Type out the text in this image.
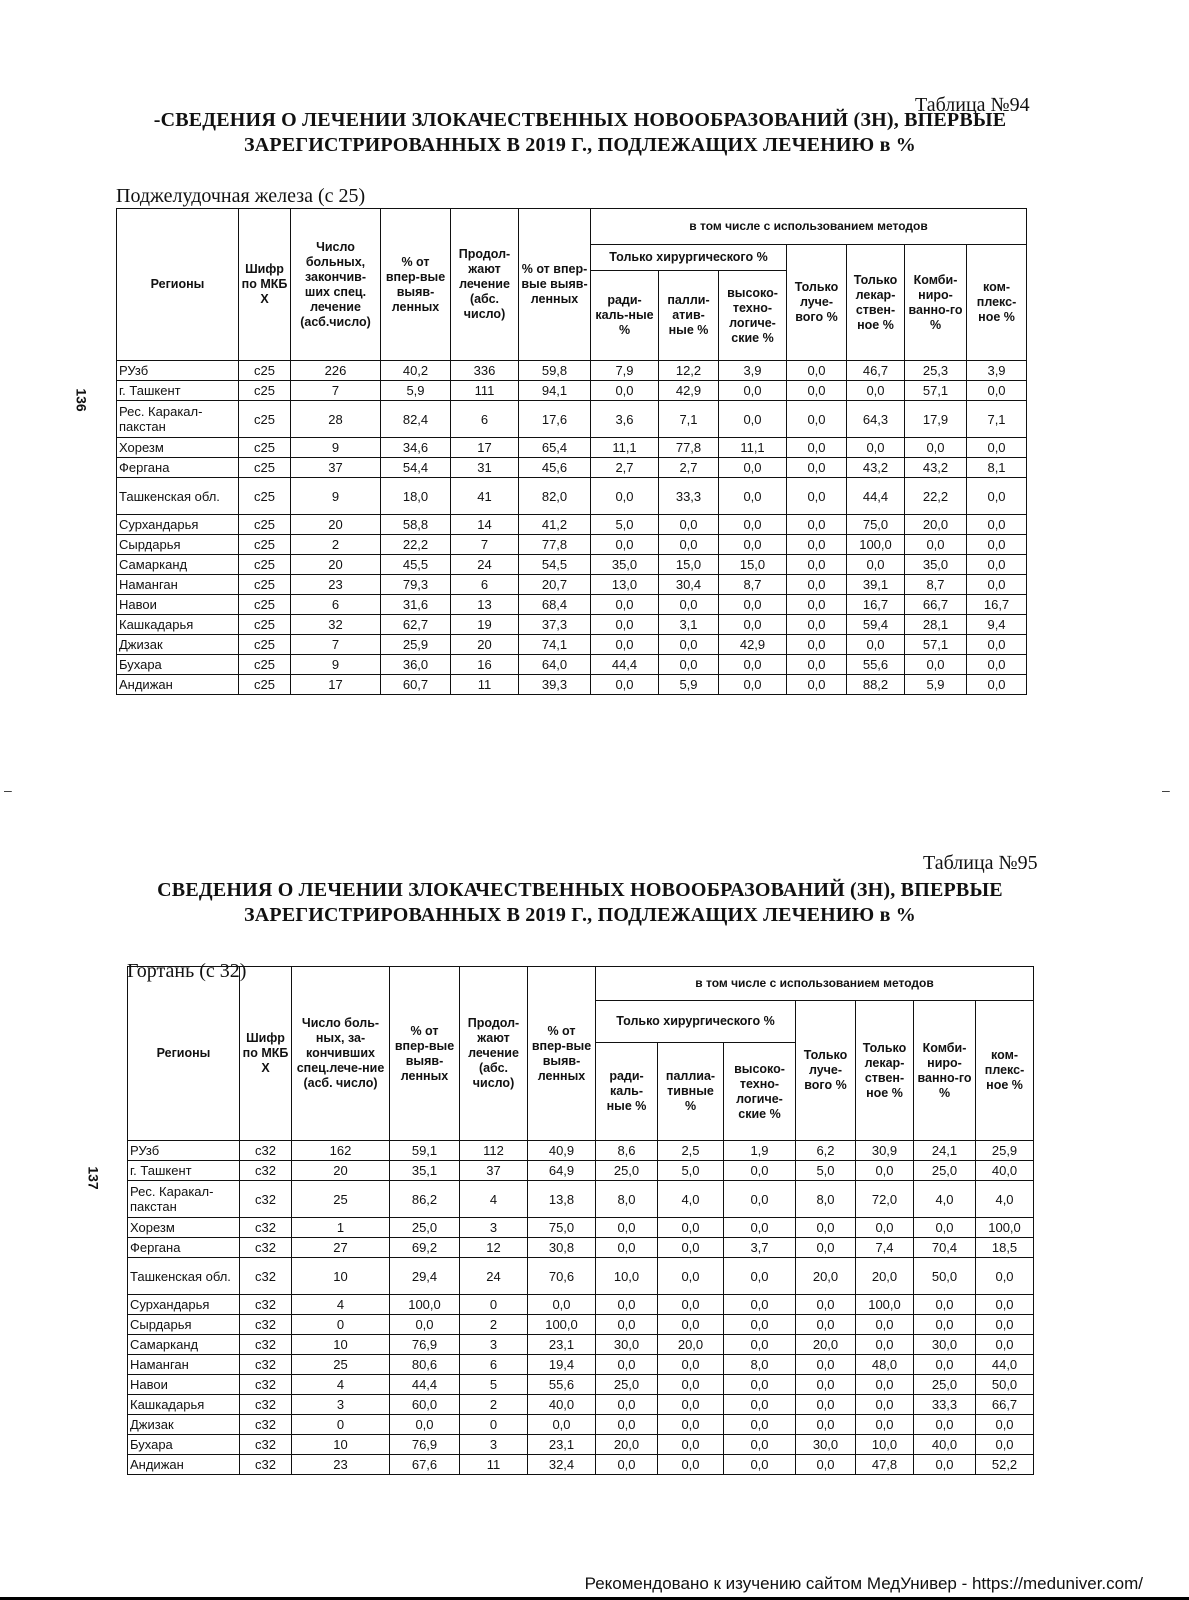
Таблица №94
-СВЕДЕНИЯ О ЛЕЧЕНИИ ЗЛОКАЧЕСТВЕННЫХ НОВООБРАЗОВАНИЙ (ЗН), ВПЕРВЫЕ
ЗАРЕГИСТРИРОВАННЫХ В 2019 Г., ПОДЛЕЖАЩИХ ЛЕЧЕНИЮ в %
Поджелудочная железа (с 25)
136
Регионы	Шифр по МКБ Х	Число больных, закончив-ших спец. лечение (асб.число)	% от впер-вые выяв-ленных	Продол-жают лечение (абс. число)	% от впер-вые выяв-ленных	в том числе с использованием методов						
						Только хирургического %			Только луче-вого %	Только лекар-ствен-ное %	Комби-ниро-ванно-го %	ком-плекс-ное %
						ради-каль-ные %	палли-атив-ные %	высоко-техно-логиче-ские %				
РУзб	с25	226	40,2	336	59,8	7,9	12,2	3,9	0,0	46,7	25,3	3,9
г. Ташкент	с25	7	5,9	111	94,1	0,0	42,9	0,0	0,0	0,0	57,1	0,0
Рес. Каракал-пакстан	с25	28	82,4	6	17,6	3,6	7,1	0,0	0,0	64,3	17,9	7,1
Хорезм	с25	9	34,6	17	65,4	11,1	77,8	11,1	0,0	0,0	0,0	0,0
Фергана	с25	37	54,4	31	45,6	2,7	2,7	0,0	0,0	43,2	43,2	8,1
Ташкенская обл.	с25	9	18,0	41	82,0	0,0	33,3	0,0	0,0	44,4	22,2	0,0
Сурхандарья	с25	20	58,8	14	41,2	5,0	0,0	0,0	0,0	75,0	20,0	0,0
Сырдарья	с25	2	22,2	7	77,8	0,0	0,0	0,0	0,0	100,0	0,0	0,0
Самарканд	с25	20	45,5	24	54,5	35,0	15,0	15,0	0,0	0,0	35,0	0,0
Наманган	с25	23	79,3	6	20,7	13,0	30,4	8,7	0,0	39,1	8,7	0,0
Навои	с25	6	31,6	13	68,4	0,0	0,0	0,0	0,0	16,7	66,7	16,7
Кашкадарья	с25	32	62,7	19	37,3	0,0	3,1	0,0	0,0	59,4	28,1	9,4
Джизак	с25	7	25,9	20	74,1	0,0	0,0	42,9	0,0	0,0	57,1	0,0
Бухара	с25	9	36,0	16	64,0	44,4	0,0	0,0	0,0	55,6	0,0	0,0
Андижан	с25	17	60,7	11	39,3	0,0	5,9	0,0	0,0	88,2	5,9	0,0
Таблица №95
СВЕДЕНИЯ О ЛЕЧЕНИИ ЗЛОКАЧЕСТВЕННЫХ НОВООБРАЗОВАНИЙ (ЗН), ВПЕРВЫЕ
ЗАРЕГИСТРИРОВАННЫХ В 2019 Г., ПОДЛЕЖАЩИХ ЛЕЧЕНИЮ в %
Гортань (с 32)
137
Регионы	Шифр по МКБ Х	Число боль-ных, за-кончивших спец.лече-ние (асб. число)	% от впер-вые выяв-ленных	Продол-жают лечение (абс. число)	% от впер-вые выяв-ленных	в том числе с использованием методов						
						Только хирургического %			Только луче-вого %	Только лекар-ствен-ное %	Комби-ниро-ванно-го %	ком-плекс-ное %
						ради-каль-ные %	паллиа-тивные %	высоко-техно-логиче-ские %				
РУзб	с32	162	59,1	112	40,9	8,6	2,5	1,9	6,2	30,9	24,1	25,9
г. Ташкент	с32	20	35,1	37	64,9	25,0	5,0	0,0	5,0	0,0	25,0	40,0
Рес. Каракал-пакстан	с32	25	86,2	4	13,8	8,0	4,0	0,0	8,0	72,0	4,0	4,0
Хорезм	с32	1	25,0	3	75,0	0,0	0,0	0,0	0,0	0,0	0,0	100,0
Фергана	с32	27	69,2	12	30,8	0,0	0,0	3,7	0,0	7,4	70,4	18,5
Ташкенская обл.	с32	10	29,4	24	70,6	10,0	0,0	0,0	20,0	20,0	50,0	0,0
Сурхандарья	с32	4	100,0	0	0,0	0,0	0,0	0,0	0,0	100,0	0,0	0,0
Сырдарья	с32	0	0,0	2	100,0	0,0	0,0	0,0	0,0	0,0	0,0	0,0
Самарканд	с32	10	76,9	3	23,1	30,0	20,0	0,0	20,0	0,0	30,0	0,0
Наманган	с32	25	80,6	6	19,4	0,0	0,0	8,0	0,0	48,0	0,0	44,0
Навои	с32	4	44,4	5	55,6	25,0	0,0	0,0	0,0	0,0	25,0	50,0
Кашкадарья	с32	3	60,0	2	40,0	0,0	0,0	0,0	0,0	0,0	33,3	66,7
Джизак	с32	0	0,0	0	0,0	0,0	0,0	0,0	0,0	0,0	0,0	0,0
Бухара	с32	10	76,9	3	23,1	20,0	0,0	0,0	30,0	10,0	40,0	0,0
Андижан	с32	23	67,6	11	32,4	0,0	0,0	0,0	0,0	47,8	0,0	52,2
–	–
Рекомендовано к изучению сайтом МедУнивер - https://meduniver.com/
